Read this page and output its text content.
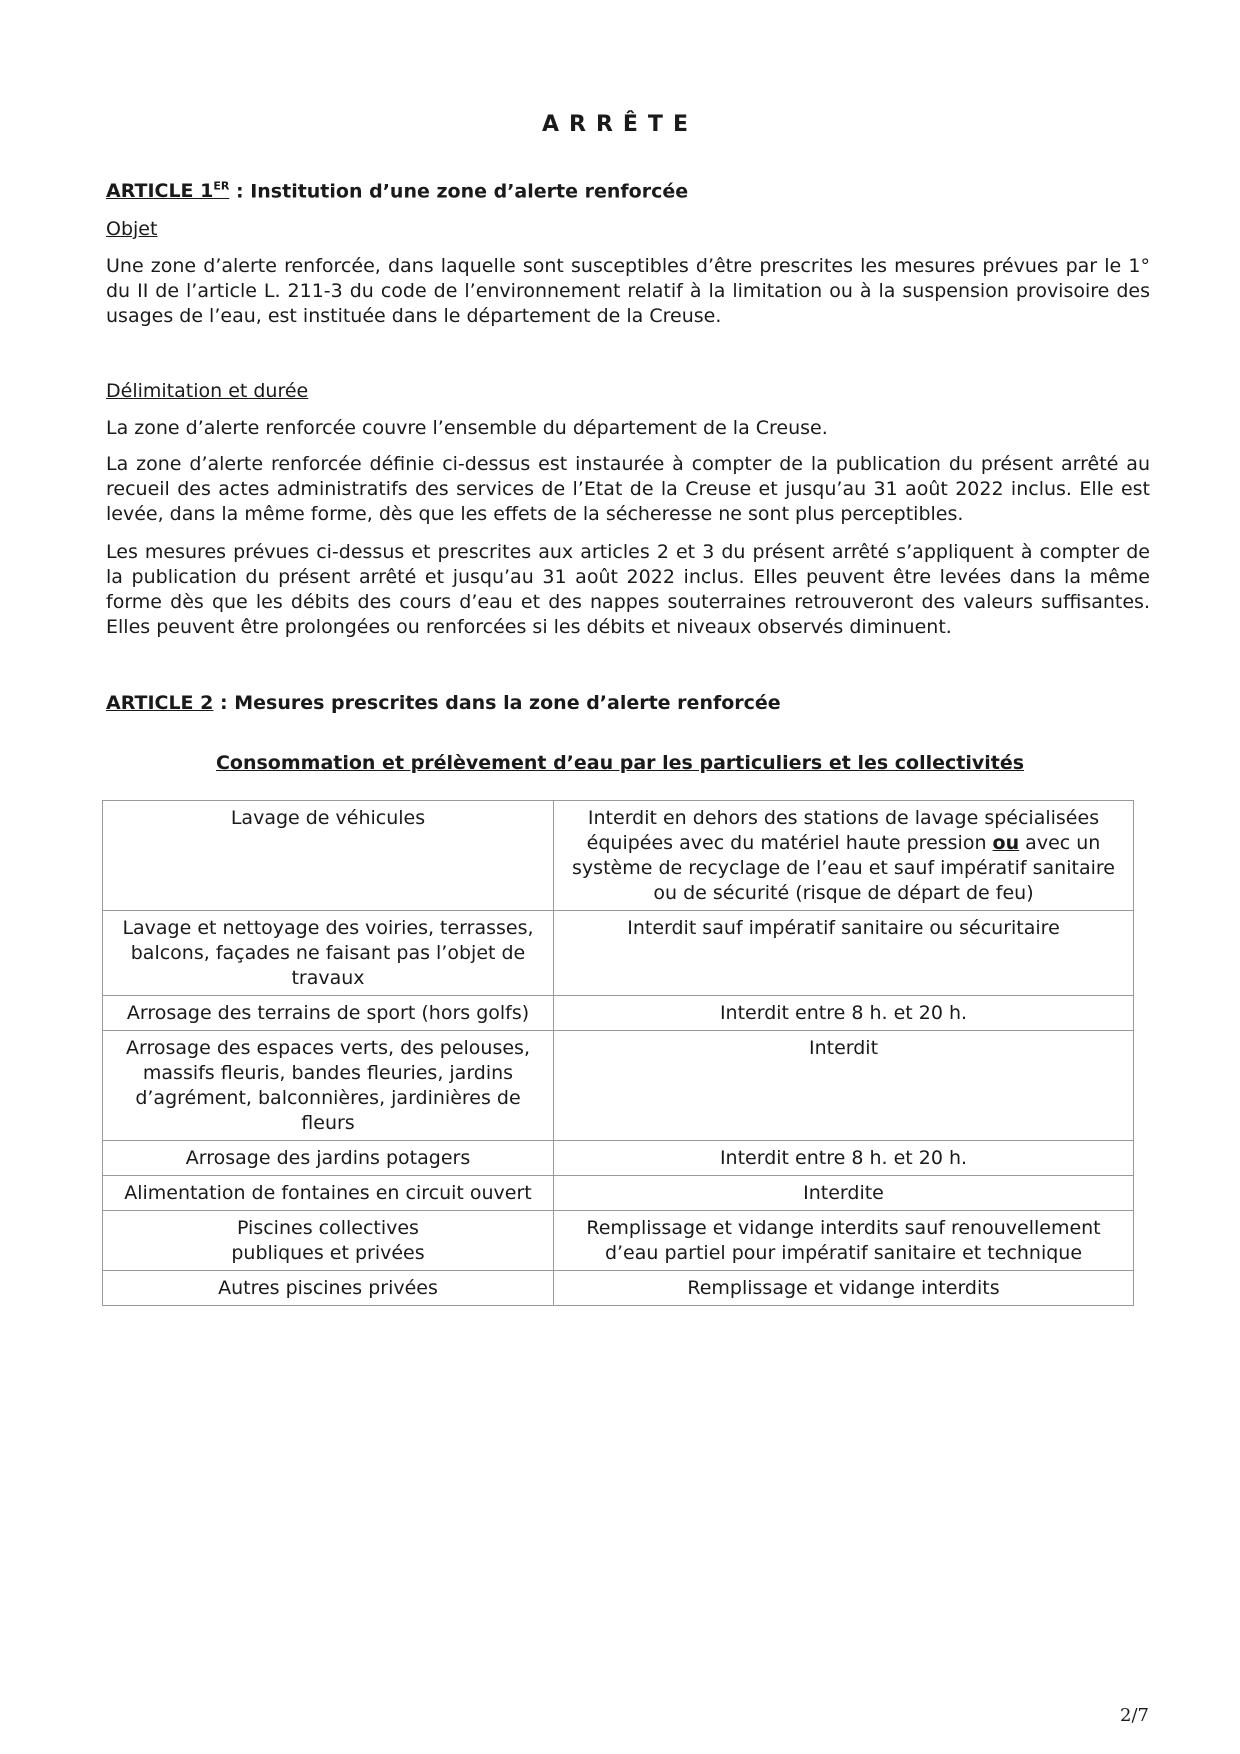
ARRÊTE
ARTICLE 1ER : Institution d’une zone d’alerte renforcée
Objet
Une zone d’alerte renforcée, dans laquelle sont susceptibles d’être prescrites les mesures prévues par le 1° du II de l’article L. 211-3 du code de l’environnement relatif à la limitation ou à la suspension provisoire des usages de l’eau, est instituée dans le département de la Creuse.
Délimitation et durée
La zone d’alerte renforcée couvre l’ensemble du département de la Creuse.
La zone d’alerte renforcée définie ci-dessus est instaurée à compter de la publication du présent arrêté au recueil des actes administratifs des services de l’Etat de la Creuse et jusqu’au 31 août 2022 inclus. Elle est levée, dans la même forme, dès que les effets de la sécheresse ne sont plus perceptibles.
Les mesures prévues ci-dessus et prescrites aux articles 2 et 3 du présent arrêté s’appliquent à compter de la publication du présent arrêté et jusqu’au 31 août 2022 inclus. Elles peuvent être levées dans la même forme dès que les débits des cours d’eau et des nappes souterraines retrouveront des valeurs suffisantes. Elles peuvent être prolongées ou renforcées si les débits et niveaux observés diminuent.
ARTICLE 2 : Mesures prescrites dans la zone d’alerte renforcée
Consommation et prélèvement d’eau par les particuliers et les collectivités
Lavage de véhicules	Interdit en dehors des stations de lavage spécialisées équipées avec du matériel haute pression ou avec un système de recyclage de l’eau et sauf impératif sanitaire ou de sécurité (risque de départ de feu)
Lavage et nettoyage des voiries, terrasses, balcons, façades ne faisant pas l’objet de travaux	Interdit sauf impératif sanitaire ou sécuritaire
Arrosage des terrains de sport (hors golfs)	Interdit entre 8 h. et 20 h.
Arrosage des espaces verts, des pelouses, massifs fleuris, bandes fleuries, jardins d’agrément, balconnières, jardinières de fleurs	Interdit
Arrosage des jardins potagers	Interdit entre 8 h. et 20 h.
Alimentation de fontaines en circuit ouvert	Interdite
Piscines collectives
publiques et privées	Remplissage et vidange interdits sauf renouvellement d’eau partiel pour impératif sanitaire et technique
Autres piscines privées	Remplissage et vidange interdits
2/7
